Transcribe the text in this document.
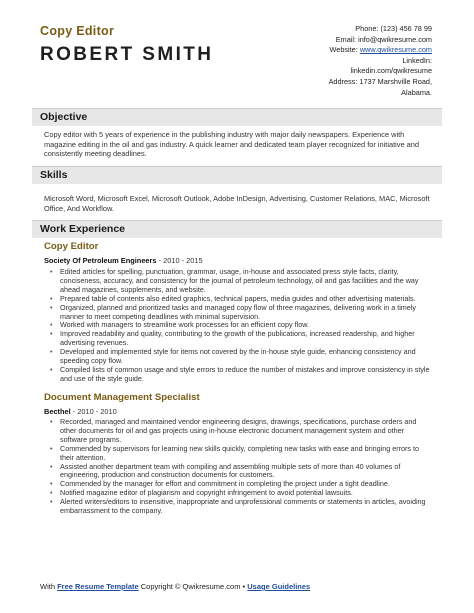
Copy Editor
ROBERT SMITH
Phone: (123) 456 78 99
Email: info@qwikresume.com
Website: www.qwikresume.com
LinkedIn:
linkedin.com/qwikresume
Address: 1737 Marshville Road,
Alabama.
Objective
Copy editor with 5 years of experience in the publishing industry with major daily newspapers. Experience with magazine editing in the oil and gas industry. A quick learner and dedicated team player recognized for initiative and consistently meeting deadlines.
Skills
Microsoft Word, Microsoft Excel, Microsoft Outlook, Adobe InDesign, Advertising, Customer Relations, MAC, Microsoft Office, And Workflow.
Work Experience
Copy Editor
Society Of Petroleum Engineers - 2010 - 2015
• Edited articles for spelling, punctuation, grammar, usage, in-house and associated press style facts, clarity, conciseness, accuracy, and consistency for the journal of petroleum technology, oil and gas facilities and the way ahead magazines, supplements, and website.
• Prepared table of contents also edited graphics, technical papers, media guides and other advertising materials.
• Organized, planned and prioritized tasks and managed copy flow of three magazines, delivering work in a timely manner to meet competing deadlines with minimal supervision.
• Worked with managers to streamline work processes for an efficient copy flow.
• Improved readability and quality, contributing to the growth of the publications, increased readership, and higher advertising revenues.
• Developed and implemented style for items not covered by the in-house style guide, enhancing consistency and speeding copy flow.
• Compiled lists of common usage and style errors to reduce the number of mistakes and improve consistency in style and use of the style guide.
Document Management Specialist
Becthel - 2010 - 2010
• Recorded, managed and maintained vendor engineering designs, drawings, specifications, purchase orders and other documents for oil and gas projects using in-house electronic document management system and other software programs.
• Commended by supervisors for learning new skills quickly, completing new tasks with ease and bringing errors to their attention.
• Assisted another department team with compiling and assembling multiple sets of more than 40 volumes of engineering, production and construction documents for customers.
• Commended by the manager for effort and commitment in completing the project under a tight deadline.
• Notified magazine editor of plagiarism and copyright infringement to avoid potential lawsuits.
• Alerted writers/editors to insensitive, inappropriate and unprofessional comments or statements in articles, avoiding embarrassment to the company.
With Free Resume Template Copyright © Qwikresume.com • Usage Guidelines
